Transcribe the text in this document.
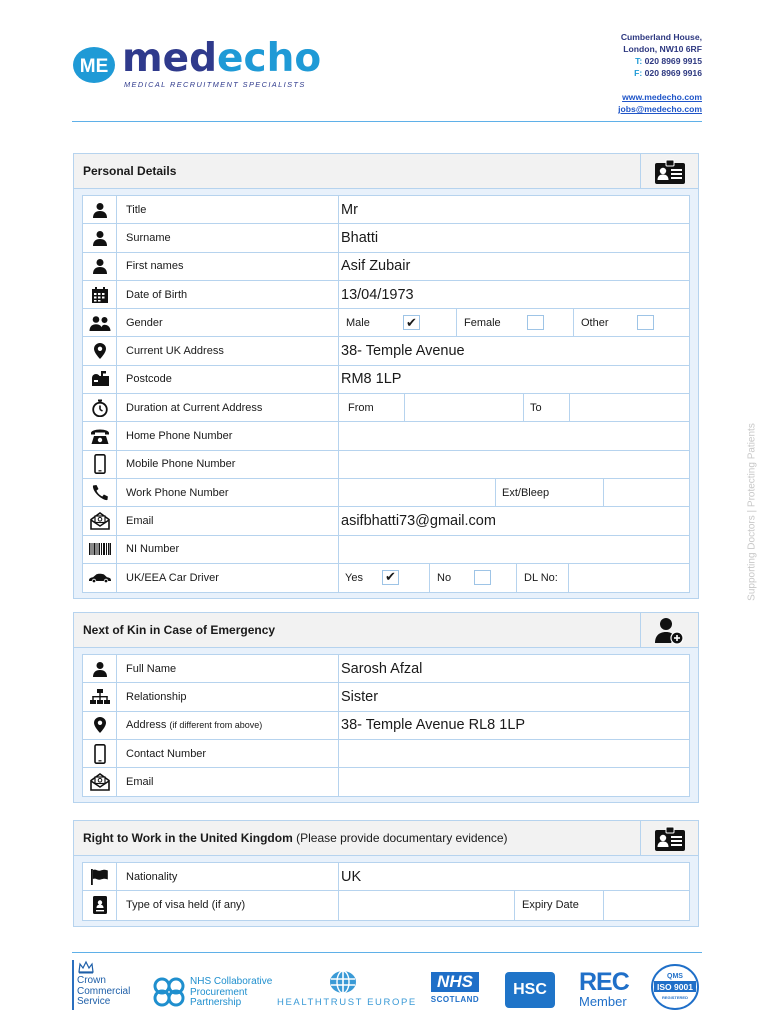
ME medecho
MEDICAL RECRUITMENT SPECIALISTS
Cumberland House,
London, NW10 6RF
T: 020 8969 9915
F: 020 8969 9916
www.medecho.com
jobs@medecho.com
Personal Details
Title	Mr
Surname	Bhatti
First names	Asif Zubair
Date of Birth	13/04/1973
Gender	Male	✔	Female	Other
Current UK Address	38- Temple Avenue
Postcode	RM8 1LP
Duration at Current Address	From	To
Home Phone Number
Mobile Phone Number
Work Phone Number	Ext/Bleep
Email	asifbhatti73@gmail.com
NI Number
UK/EEA Car Driver	Yes ✔	No	DL No:
Next of Kin in Case of Emergency
Full Name	Sarosh Afzal
Relationship	Sister
Address (if different from above)	38- Temple Avenue RL8 1LP
Contact Number
Email
Right to Work in the United Kingdom (Please provide documentary evidence)
Nationality	UK
Type of visa held (if any)	Expiry Date
Supporting Doctors | Protecting Patients
Crown
Commercial
Service
NHS Collaborative
Procurement
Partnership	HEALTHTRUST EUROPE
NHS
SCOTLAND
HSC	REC
Member
QMS
ISO 9001
REGISTERED
